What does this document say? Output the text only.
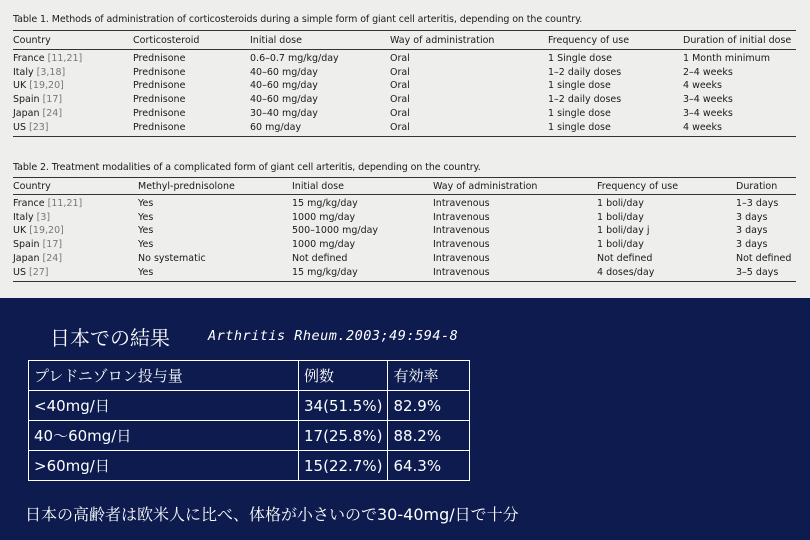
Table 1. Methods of administration of corticosteroids during a simple form of giant cell arteritis, depending on the country.
Country	Corticosteroid	Initial dose	Way of administration	Frequency of use	Duration of initial dose
France [11,21]	Prednisone	0.6–0.7 mg/kg/day	Oral	1 Single dose	1 Month minimum
Italy [3,18]	Prednisone	40–60 mg/day	Oral	1–2 daily doses	2–4 weeks
UK [19,20]	Prednisone	40–60 mg/day	Oral	1 single dose	4 weeks
Spain [17]	Prednisone	40–60 mg/day	Oral	1–2 daily doses	3–4 weeks
Japan [24]	Prednisone	30–40 mg/day	Oral	1 single dose	3–4 weeks
US [23]	Prednisone	60 mg/day	Oral	1 single dose	4 weeks
Table 2. Treatment modalities of a complicated form of giant cell arteritis, depending on the country.
Country	Methyl-prednisolone	Initial dose	Way of administration	Frequency of use	Duration
France [11,21]	Yes	15 mg/kg/day	Intravenous	1 boli/day	1–3 days
Italy [3]	Yes	1000 mg/day	Intravenous	1 boli/day	3 days
UK [19,20]	Yes	500–1000 mg/day	Intravenous	1 boli/day j	3 days
Spain [17]	Yes	1000 mg/day	Intravenous	1 boli/day	3 days
Japan [24]	No systematic	Not defined	Intravenous	Not defined	Not defined
US [27]	Yes	15 mg/kg/day	Intravenous	4 doses/day	3–5 days
日本での結果	Arthritis Rheum.2003;49:594-8
プレドニゾロン投与量	例数	有効率
<40mg/日	34(51.5%)	82.9%
40～60mg/日	17(25.8%)	88.2%
>60mg/日	15(22.7%)	64.3%
日本の高齢者は欧米人に比べ、体格が小さいので30-40mg/日で十分
